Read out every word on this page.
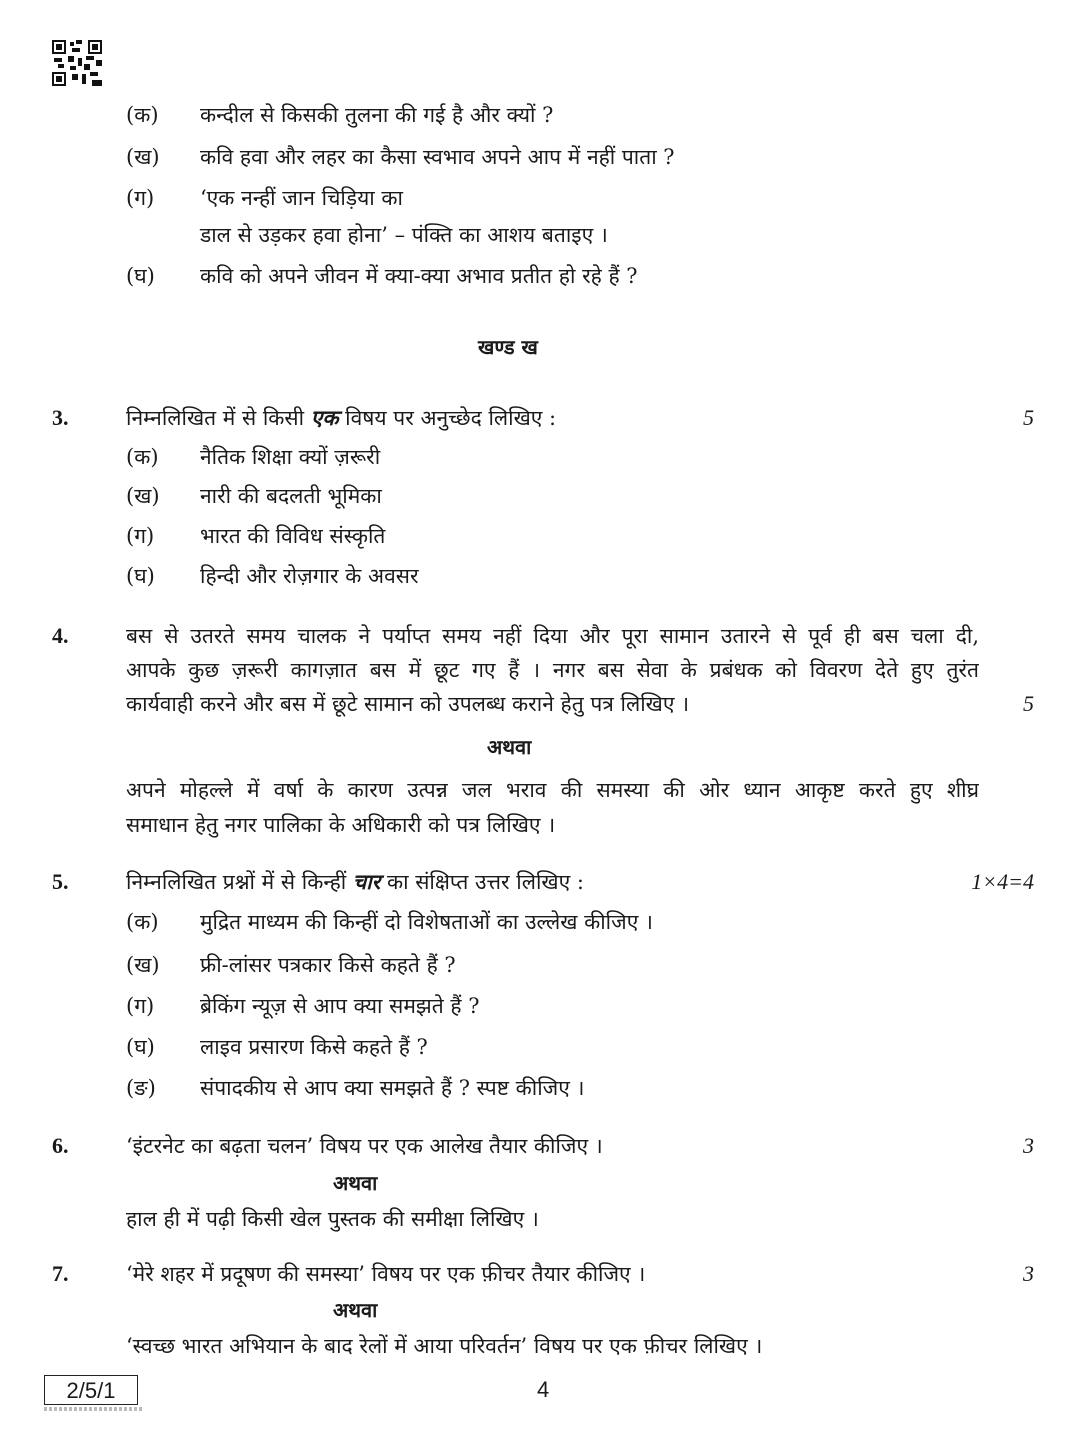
(क) कन्दील से किसकी तुलना की गई है और क्यों ?
(ख) कवि हवा और लहर का कैसा स्वभाव अपने आप में नहीं पाता ?
(ग) ‘एक नन्हीं जान चिड़िया का
डाल से उड़कर हवा होना’ – पंक्ति का आशय बताइए ।
(घ) कवि को अपने जीवन में क्या-क्या अभाव प्रतीत हो रहे हैं ?
खण्ड ख
3.	निम्नलिखित में से किसी एक विषय पर अनुच्छेद लिखिए :	5
(क) नैतिक शिक्षा क्यों ज़रूरी
(ख) नारी की बदलती भूमिका
(ग) भारत की विविध संस्कृति
(घ) हिन्दी और रोज़गार के अवसर
4.	बस से उतरते समय चालक ने पर्याप्त समय नहीं दिया और पूरा सामान उतारने से पूर्व ही बस चला दी,
आपके कुछ ज़रूरी कागज़ात बस में छूट गए हैं । नगर बस सेवा के प्रबंधक को विवरण देते हुए तुरंत
कार्यवाही करने और बस में छूटे सामान को उपलब्ध कराने हेतु पत्र लिखिए ।	5
अथवा
अपने मोहल्ले में वर्षा के कारण उत्पन्न जल भराव की समस्या की ओर ध्यान आकृष्ट करते हुए शीघ्र
समाधान हेतु नगर पालिका के अधिकारी को पत्र लिखिए ।
5.	निम्नलिखित प्रश्नों में से किन्हीं चार का संक्षिप्त उत्तर लिखिए :	1×4=4
(क) मुद्रित माध्यम की किन्हीं दो विशेषताओं का उल्लेख कीजिए ।
(ख) फ्री-लांसर पत्रकार किसे कहते हैं ?
(ग) ब्रेकिंग न्यूज़ से आप क्या समझते हैं ?
(घ) लाइव प्रसारण किसे कहते हैं ?
(ङ) संपादकीय से आप क्या समझते हैं ? स्पष्ट कीजिए ।
6.	‘इंटरनेट का बढ़ता चलन’ विषय पर एक आलेख तैयार कीजिए ।	3
अथवा
हाल ही में पढ़ी किसी खेल पुस्तक की समीक्षा लिखिए ।
7.	‘मेरे शहर में प्रदूषण की समस्या’ विषय पर एक फ़ीचर तैयार कीजिए ।	3
अथवा
‘स्वच्छ भारत अभियान के बाद रेलों में आया परिवर्तन’ विषय पर एक फ़ीचर लिखिए ।
2/5/1	4
